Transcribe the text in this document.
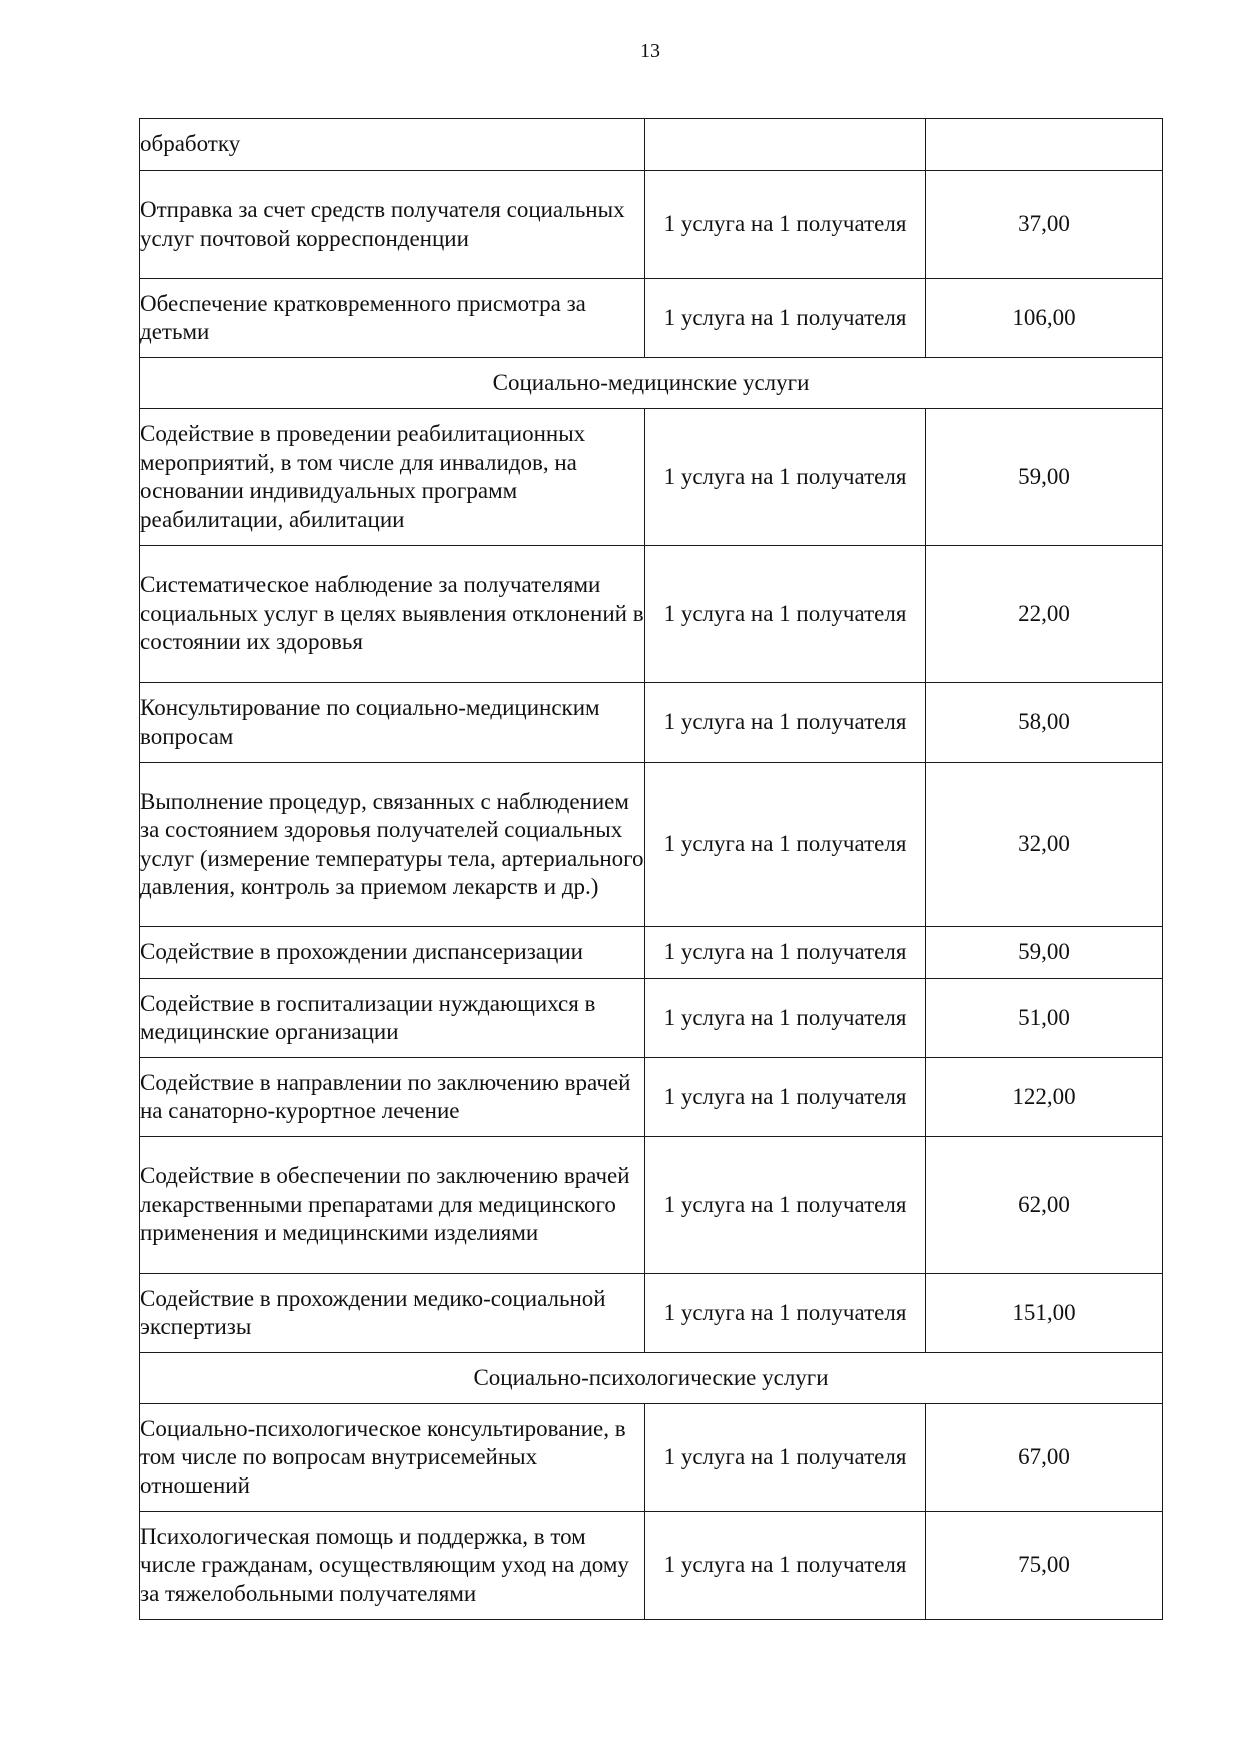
13
обработку		
Отправка за счет средств получателя социальных услуг почтовой корреспонденции	1 услуга на 1 получателя	37,00
Обеспечение кратковременного присмотра за детьми	1 услуга на 1 получателя	106,00
Социально-медицинские услуги		
Содействие в проведении реабилитационных мероприятий, в том числе для инвалидов, на основании индивидуальных программ реабилитации, абилитации	1 услуга на 1 получателя	59,00
Систематическое наблюдение за получателями социальных услуг в целях выявления отклонений в состоянии их здоровья	1 услуга на 1 получателя	22,00
Консультирование по социально-медицинским вопросам	1 услуга на 1 получателя	58,00
Выполнение процедур, связанных с наблюдением за состоянием здоровья получателей социальных услуг (измерение температуры тела, артериального давления, контроль за приемом лекарств и др.)	1 услуга на 1 получателя	32,00
Содействие в прохождении диспансеризации	1 услуга на 1 получателя	59,00
Содействие в госпитализации нуждающихся в медицинские организации	1 услуга на 1 получателя	51,00
Содействие в направлении по заключению врачей на санаторно-курортное лечение	1 услуга на 1 получателя	122,00
Содействие в обеспечении по заключению врачей лекарственными препаратами для медицинского применения и медицинскими изделиями	1 услуга на 1 получателя	62,00
Содействие в прохождении медико-социальной экспертизы	1 услуга на 1 получателя	151,00
Социально-психологические услуги		
Социально-психологическое консультирование, в том числе по вопросам внутрисемейных отношений	1 услуга на 1 получателя	67,00
Психологическая помощь и поддержка, в том числе гражданам, осуществляющим уход на дому за тяжелобольными получателями	1 услуга на 1 получателя	75,00
